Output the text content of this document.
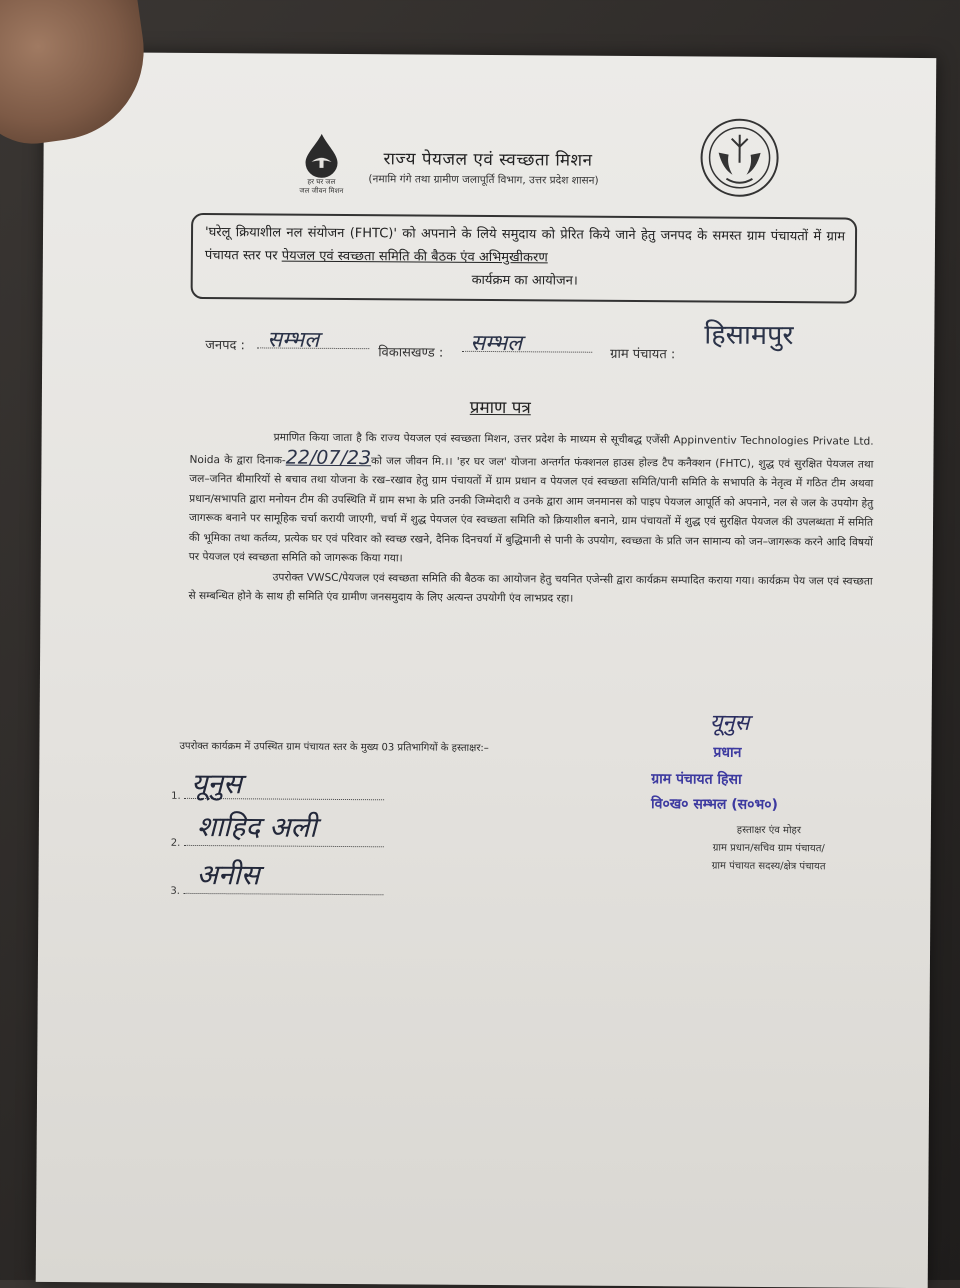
हर घर जल
जल जीवन मिशन
राज्य पेयजल एवं स्वच्छता मिशन
(नमामि गंगे तथा ग्रामीण जलापूर्ति विभाग, उत्तर प्रदेश शासन)
'घरेलू क्रियाशील नल संयोजन (FHTC)' को अपनाने के लिये समुदाय को प्रेरित किये जाने हेतु जनपद के समस्त ग्राम पंचायतों में ग्राम पंचायत स्तर पर पेयजल एवं स्वच्छता समिति की बैठक एंव अभिमुखीकरण
कार्यक्रम का आयोजन।
जनपद :	सम्भल
विकासखण्ड :	सम्भल	ग्राम पंचायत :
हिसामपुर
प्रमाण पत्र

प्रमाणित किया जाता है कि राज्य पेयजल एवं स्वच्छता मिशन, उत्तर प्रदेश के माध्यम से सूचीबद्ध एजेंसी Appinventiv Technologies Private Ltd. Noida के द्वारा दिनाक-22/07/23को जल जीवन मि.।। 'हर घर जल' योजना अन्तर्गत फंक्शनल हाउस होल्ड टैप कनैक्शन (FHTC), शुद्ध एवं सुरक्षित पेयजल तथा जल–जनित बीमारियों से बचाव तथा योजना के रख–रखाव हेतु ग्राम पंचायतों में ग्राम प्रधान व पेयजल एवं स्वच्छता समिति/पानी समिति के सभापति के नेतृत्व में गठित टीम अथवा प्रधान/सभापति द्वारा मनोयन टीम की उपस्थिति में ग्राम सभा के प्रति उनकी जिम्मेदारी व उनके द्वारा आम जनमानस को पाइप पेयजल आपूर्ति को अपनाने, नल से जल के उपयोग हेतु जागरूक बनाने पर सामूहिक चर्चा करायी जाएगी, चर्चा में शुद्ध पेयजल एंव स्वच्छता समिति को क्रियाशील बनाने, ग्राम पंचायतों में शुद्ध एवं सुरक्षित पेयजल की उपलब्धता में समिति की भूमिका तथा कर्तव्य, प्रत्येक घर एवं परिवार को स्वच्छ रखने, दैनिक दिनचर्या में बुद्धिमानी से पानी के उपयोग, स्वच्छता के प्रति जन सामान्य को जन–जागरूक करने आदि विषयों पर पेयजल एवं स्वच्छता समिति को जागरूक किया गया।

उपरोक्त VWSC/पेयजल एवं स्वच्छता समिति की बैठक का आयोजन हेतु चयनित एजेन्सी द्वारा कार्यक्रम सम्पादित कराया गया। कार्यक्रम पेय जल एवं स्वच्छता से सम्बन्धित होने के साथ ही समिति एंव ग्रामीण जनसमुदाय के लिए अत्यन्त उपयोगी एंव लाभप्रद रहा।

उपरोक्त कार्यक्रम में उपस्थित ग्राम पंचायत स्तर के मुख्य 03 प्रतिभागियों के हस्ताक्षर:–
1. यूनुस
2. शाहिद अली
3. अनीस
यूनुस
प्रधान
ग्राम पंचायत हिसा
वि०ख० सम्भल (स०भ०)
हस्ताक्षर एंव मोहर
ग्राम प्रधान/सचिव ग्राम पंचायत/
ग्राम पंचायत सदस्य/क्षेत्र पंचायत
